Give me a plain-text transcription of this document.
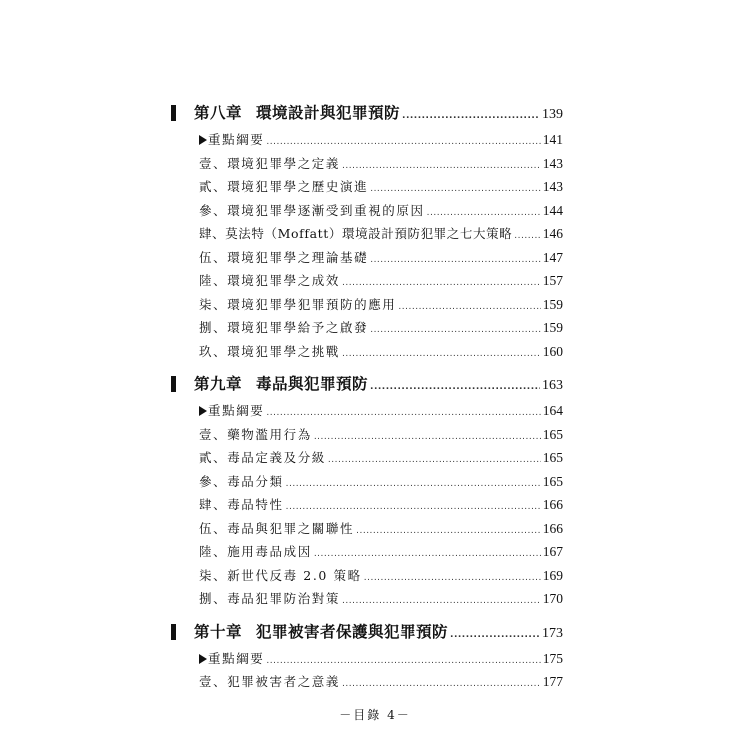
第八章 環境設計與犯罪預防 .....	139
重點綱要 .....	141
壹、環境犯罪學之定義 .....	143
貳、環境犯罪學之歷史演進 .....	143
參、環境犯罪學逐漸受到重視的原因 .....	144
肆、莫法特（Moffatt）環境設計預防犯罪之七大策略 ..... 146
伍、環境犯罪學之理論基礎 .....	147
陸、環境犯罪學之成效 .....	157
柒、環境犯罪學犯罪預防的應用 .....	159
捌、環境犯罪學給予之啟發 .....	159
玖、環境犯罪學之挑戰 .....	160
第九章 毒品與犯罪預防 .....	163
重點綱要 .....	164
壹、藥物濫用行為 .....	165
貳、毒品定義及分級 .....	165
參、毒品分類 .....	165
肆、毒品特性 .....	166
伍、毒品與犯罪之關聯性 .....	166
陸、施用毒品成因 .....	167
柒、新世代反毒 2.0 策略 .....	169
捌、毒品犯罪防治對策 .....	170
第十章 犯罪被害者保護與犯罪預防 .....	173
重點綱要 .....	175
壹、犯罪被害者之意義 .....	177
－目錄 4－
